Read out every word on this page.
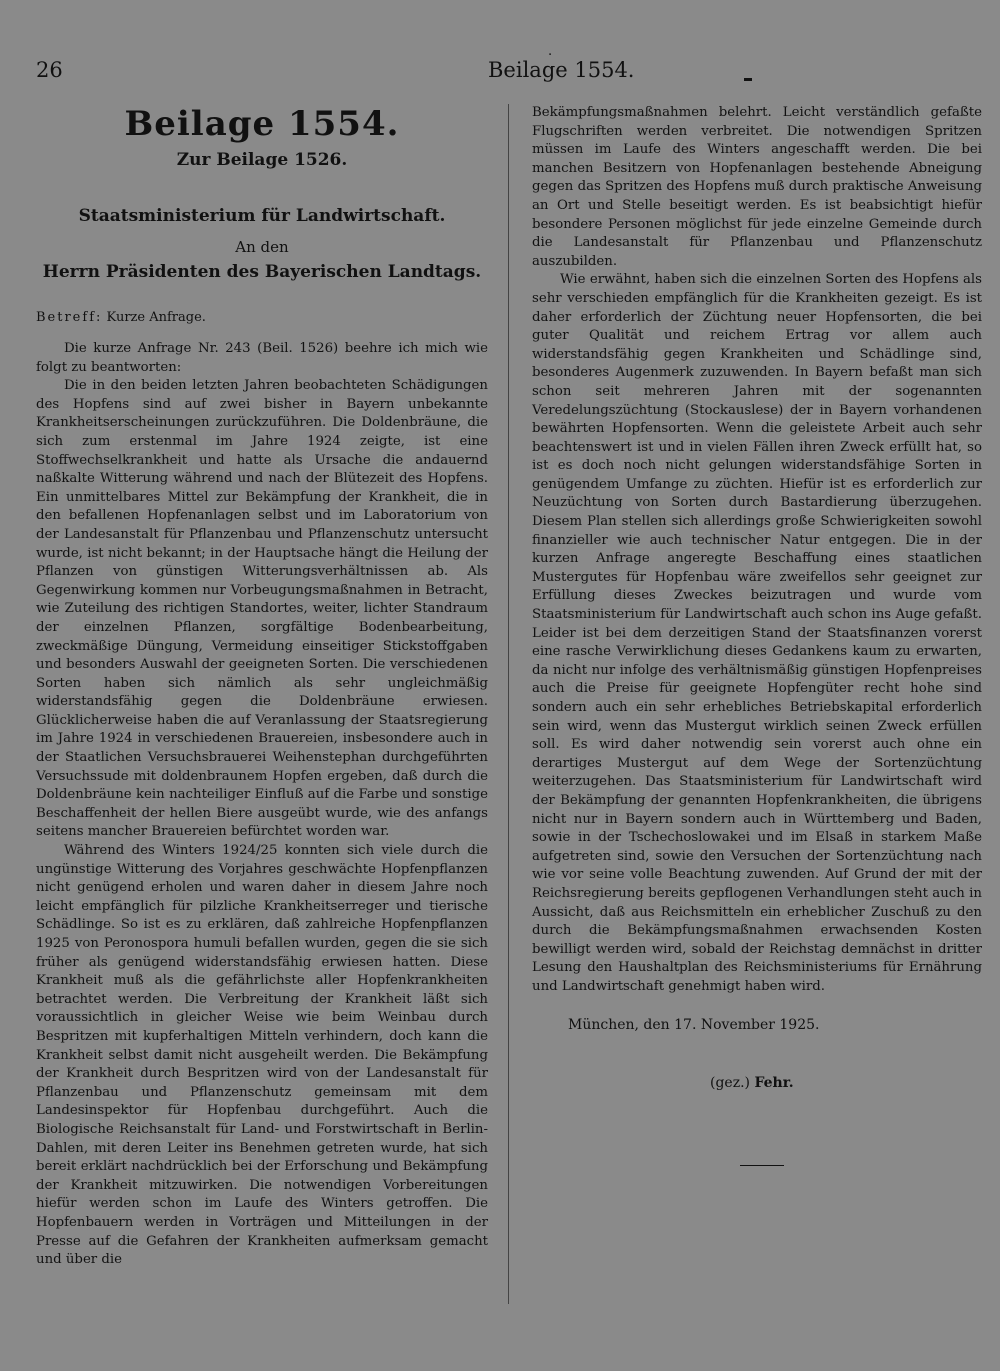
26	Beilage 1554.
.
Beilage 1554.
Zur Beilage 1526.
Staatsministerium für Landwirtschaft.
An den
Herrn Präsidenten des Bayerischen Landtags.
Betreff: Kurze Anfrage.

Die kurze Anfrage Nr. 243 (Beil. 1526) beehre ich mich wie folgt zu beantworten:

Die in den beiden letzten Jahren beobachteten Schädigungen des Hopfens sind auf zwei bisher in Bayern unbekannte Krankheitserscheinungen zurückzuführen. Die Doldenbräune, die sich zum erstenmal im Jahre 1924 zeigte, ist eine Stoffwechselkrankheit und hatte als Ursache die andauernd naßkalte Witterung während und nach der Blütezeit des Hopfens. Ein unmittelbares Mittel zur Bekämpfung der Krankheit, die in den befallenen Hopfenanlagen selbst und im Laboratorium von der Landesanstalt für Pflanzenbau und Pflanzenschutz untersucht wurde, ist nicht bekannt; in der Hauptsache hängt die Heilung der Pflanzen von günstigen Witterungsverhältnissen ab. Als Gegenwirkung kommen nur Vorbeugungsmaßnahmen in Betracht, wie Zuteilung des richtigen Standortes, weiter, lichter Standraum der einzelnen Pflanzen, sorgfältige Bodenbearbeitung, zweckmäßige Düngung, Vermeidung einseitiger Stickstoffgaben und besonders Auswahl der geeigneten Sorten. Die verschiedenen Sorten haben sich nämlich als sehr ungleichmäßig widerstandsfähig gegen die Doldenbräune erwiesen. Glücklicherweise haben die auf Veranlassung der Staatsregierung im Jahre 1924 in verschiedenen Brauereien, insbesondere auch in der Staatlichen Versuchsbrauerei Weihenstephan durchgeführten Versuchssude mit doldenbraunem Hopfen ergeben, daß durch die Doldenbräune kein nachteiliger Einfluß auf die Farbe und sonstige Beschaffenheit der hellen Biere ausgeübt wurde, wie des anfangs seitens mancher Brauereien befürchtet worden war.

Während des Winters 1924/25 konnten sich viele durch die ungünstige Witterung des Vorjahres geschwächte Hopfenpflanzen nicht genügend erholen und waren daher in diesem Jahre noch leicht empfänglich für pilzliche Krankheitserreger und tierische Schädlinge. So ist es zu erklären, daß zahlreiche Hopfenpflanzen 1925 von Peronospora humuli befallen wurden, gegen die sie sich früher als genügend widerstandsfähig erwiesen hatten. Diese Krankheit muß als die gefährlichste aller Hopfenkrankheiten betrachtet werden. Die Verbreitung der Krankheit läßt sich voraussichtlich in gleicher Weise wie beim Weinbau durch Bespritzen mit kupferhaltigen Mitteln verhindern, doch kann die Krankheit selbst damit nicht ausgeheilt werden. Die Bekämpfung der Krankheit durch Bespritzen wird von der Landesanstalt für Pflanzenbau und Pflanzenschutz gemeinsam mit dem Landesinspektor für Hopfenbau durchgeführt. Auch die Biologische Reichsanstalt für Land- und Forstwirtschaft in Berlin-Dahlen, mit deren Leiter ins Benehmen getreten wurde, hat sich bereit erklärt nachdrücklich bei der Erforschung und Bekämpfung der Krankheit mitzuwirken. Die notwendigen Vorbereitungen hiefür werden schon im Laufe des Winters getroffen. Die Hopfenbauern werden in Vorträgen und Mitteilungen in der Presse auf die Gefahren der Krankheiten aufmerksam gemacht und über die

Bekämpfungsmaßnahmen belehrt. Leicht verständlich gefaßte Flugschriften werden verbreitet. Die notwendigen Spritzen müssen im Laufe des Winters angeschafft werden. Die bei manchen Besitzern von Hopfenanlagen bestehende Abneigung gegen das Spritzen des Hopfens muß durch praktische Anweisung an Ort und Stelle beseitigt werden. Es ist beabsichtigt hiefür besondere Personen möglichst für jede einzelne Gemeinde durch die Landesanstalt für Pflanzenbau und Pflanzenschutz auszubilden.

Wie erwähnt, haben sich die einzelnen Sorten des Hopfens als sehr verschieden empfänglich für die Krankheiten gezeigt. Es ist daher erforderlich der Züchtung neuer Hopfensorten, die bei guter Qualität und reichem Ertrag vor allem auch widerstandsfähig gegen Krankheiten und Schädlinge sind, besonderes Augenmerk zuzuwenden. In Bayern befaßt man sich schon seit mehreren Jahren mit der sogenannten Veredelungszüchtung (Stockauslese) der in Bayern vorhandenen bewährten Hopfensorten. Wenn die geleistete Arbeit auch sehr beachtenswert ist und in vielen Fällen ihren Zweck erfüllt hat, so ist es doch noch nicht gelungen widerstandsfähige Sorten in genügendem Umfange zu züchten. Hiefür ist es erforderlich zur Neuzüchtung von Sorten durch Bastardierung überzugehen. Diesem Plan stellen sich allerdings große Schwierigkeiten sowohl finanzieller wie auch technischer Natur entgegen. Die in der kurzen Anfrage angeregte Beschaffung eines staatlichen Mustergutes für Hopfenbau wäre zweifellos sehr geeignet zur Erfüllung dieses Zweckes beizutragen und wurde vom Staatsministerium für Landwirtschaft auch schon ins Auge gefaßt. Leider ist bei dem derzeitigen Stand der Staatsfinanzen vorerst eine rasche Verwirklichung dieses Gedankens kaum zu erwarten, da nicht nur infolge des verhältnismäßig günstigen Hopfenpreises auch die Preise für geeignete Hopfengüter recht hohe sind sondern auch ein sehr erhebliches Betriebskapital erforderlich sein wird, wenn das Mustergut wirklich seinen Zweck erfüllen soll. Es wird daher notwendig sein vorerst auch ohne ein derartiges Mustergut auf dem Wege der Sortenzüchtung weiterzugehen. Das Staatsministerium für Landwirtschaft wird der Bekämpfung der genannten Hopfenkrankheiten, die übrigens nicht nur in Bayern sondern auch in Württemberg und Baden, sowie in der Tschechoslowakei und im Elsaß in starkem Maße aufgetreten sind, sowie den Versuchen der Sortenzüchtung nach wie vor seine volle Beachtung zuwenden. Auf Grund der mit der Reichsregierung bereits gepflogenen Verhandlungen steht auch in Aussicht, daß aus Reichsmitteln ein erheblicher Zuschuß zu den durch die Bekämpfungsmaßnahmen erwachsenden Kosten bewilligt werden wird, sobald der Reichstag demnächst in dritter Lesung den Haushaltplan des Reichsministeriums für Ernährung und Landwirtschaft genehmigt haben wird.

München, den 17. November 1925.
(gez.) Fehr.
